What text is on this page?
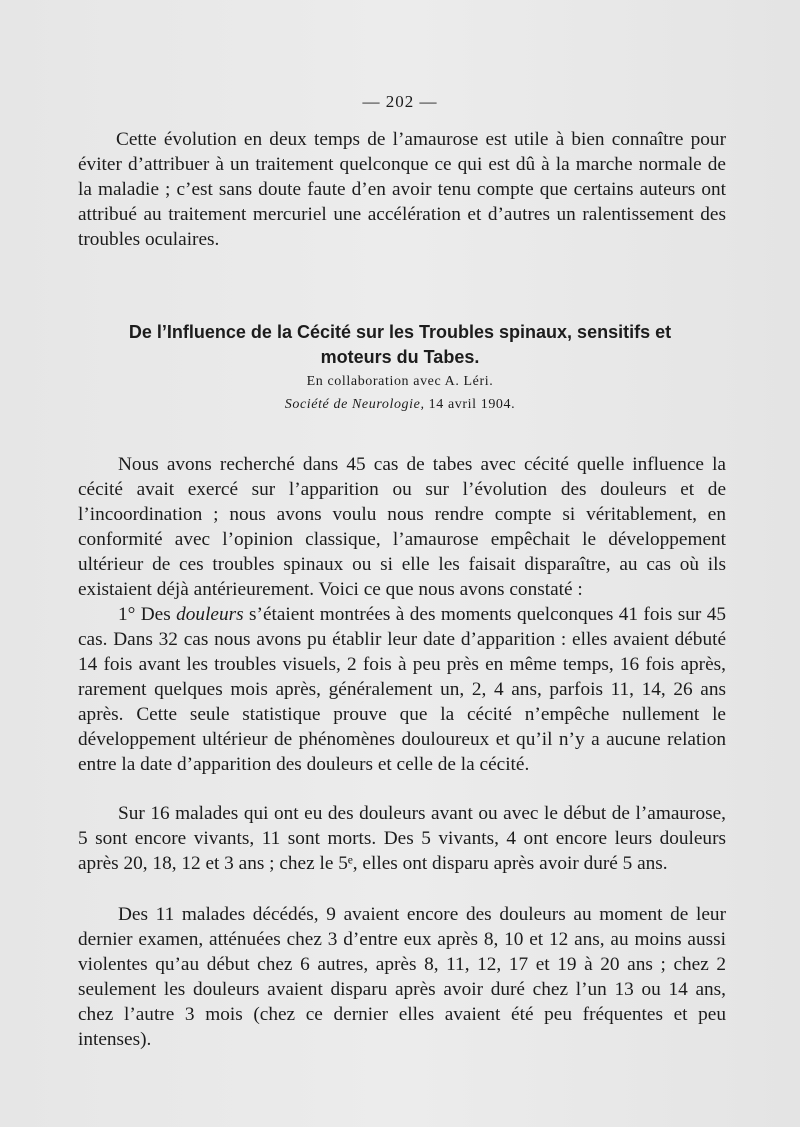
— 202 —

Cette évolution en deux temps de l’amaurose est utile à bien connaître pour éviter d’attribuer à un traitement quelconque ce qui est dû à la marche normale de la maladie ; c’est sans doute faute d’en avoir tenu compte que certains auteurs ont attribué au traitement mercuriel une accélération et d’autres un ralentissement des troubles oculaires.

De l’Influence de la Cécité sur les Troubles spinaux, sensitifs et
moteurs du Tabes.
En collaboration avec A. Léri.
Société de Neurologie, 14 avril 1904.

Nous avons recherché dans 45 cas de tabes avec cécité quelle influence la cécité avait exercé sur l’apparition ou sur l’évolution des douleurs et de l’incoordination ; nous avons voulu nous rendre compte si véritablement, en conformité avec l’opinion classique, l’amaurose empêchait le développement ultérieur de ces troubles spinaux ou si elle les faisait disparaître, au cas où ils existaient déjà antérieurement. Voici ce que nous avons constaté :

1° Des douleurs s’étaient montrées à des moments quelconques 41 fois sur 45 cas. Dans 32 cas nous avons pu établir leur date d’apparition : elles avaient débuté 14 fois avant les troubles visuels, 2 fois à peu près en même temps, 16 fois après, rarement quelques mois après, généralement un, 2, 4 ans, parfois 11, 14, 26 ans après. Cette seule statistique prouve que la cécité n’empêche nullement le développement ultérieur de phénomènes douloureux et qu’il n’y a aucune relation entre la date d’apparition des douleurs et celle de la cécité.

Sur 16 malades qui ont eu des douleurs avant ou avec le début de l’amaurose, 5 sont encore vivants, 11 sont morts. Des 5 vivants, 4 ont encore leurs douleurs après 20, 18, 12 et 3 ans ; chez le 5ᵉ, elles ont disparu après avoir duré 5 ans.

Des 11 malades décédés, 9 avaient encore des douleurs au moment de leur dernier examen, atténuées chez 3 d’entre eux après 8, 10 et 12 ans, au moins aussi violentes qu’au début chez 6 autres, après 8, 11, 12, 17 et 19 à 20 ans ; chez 2 seulement les douleurs avaient disparu après avoir duré chez l’un 13 ou 14 ans, chez l’autre 3 mois (chez ce dernier elles avaient été peu fréquentes et peu intenses).
